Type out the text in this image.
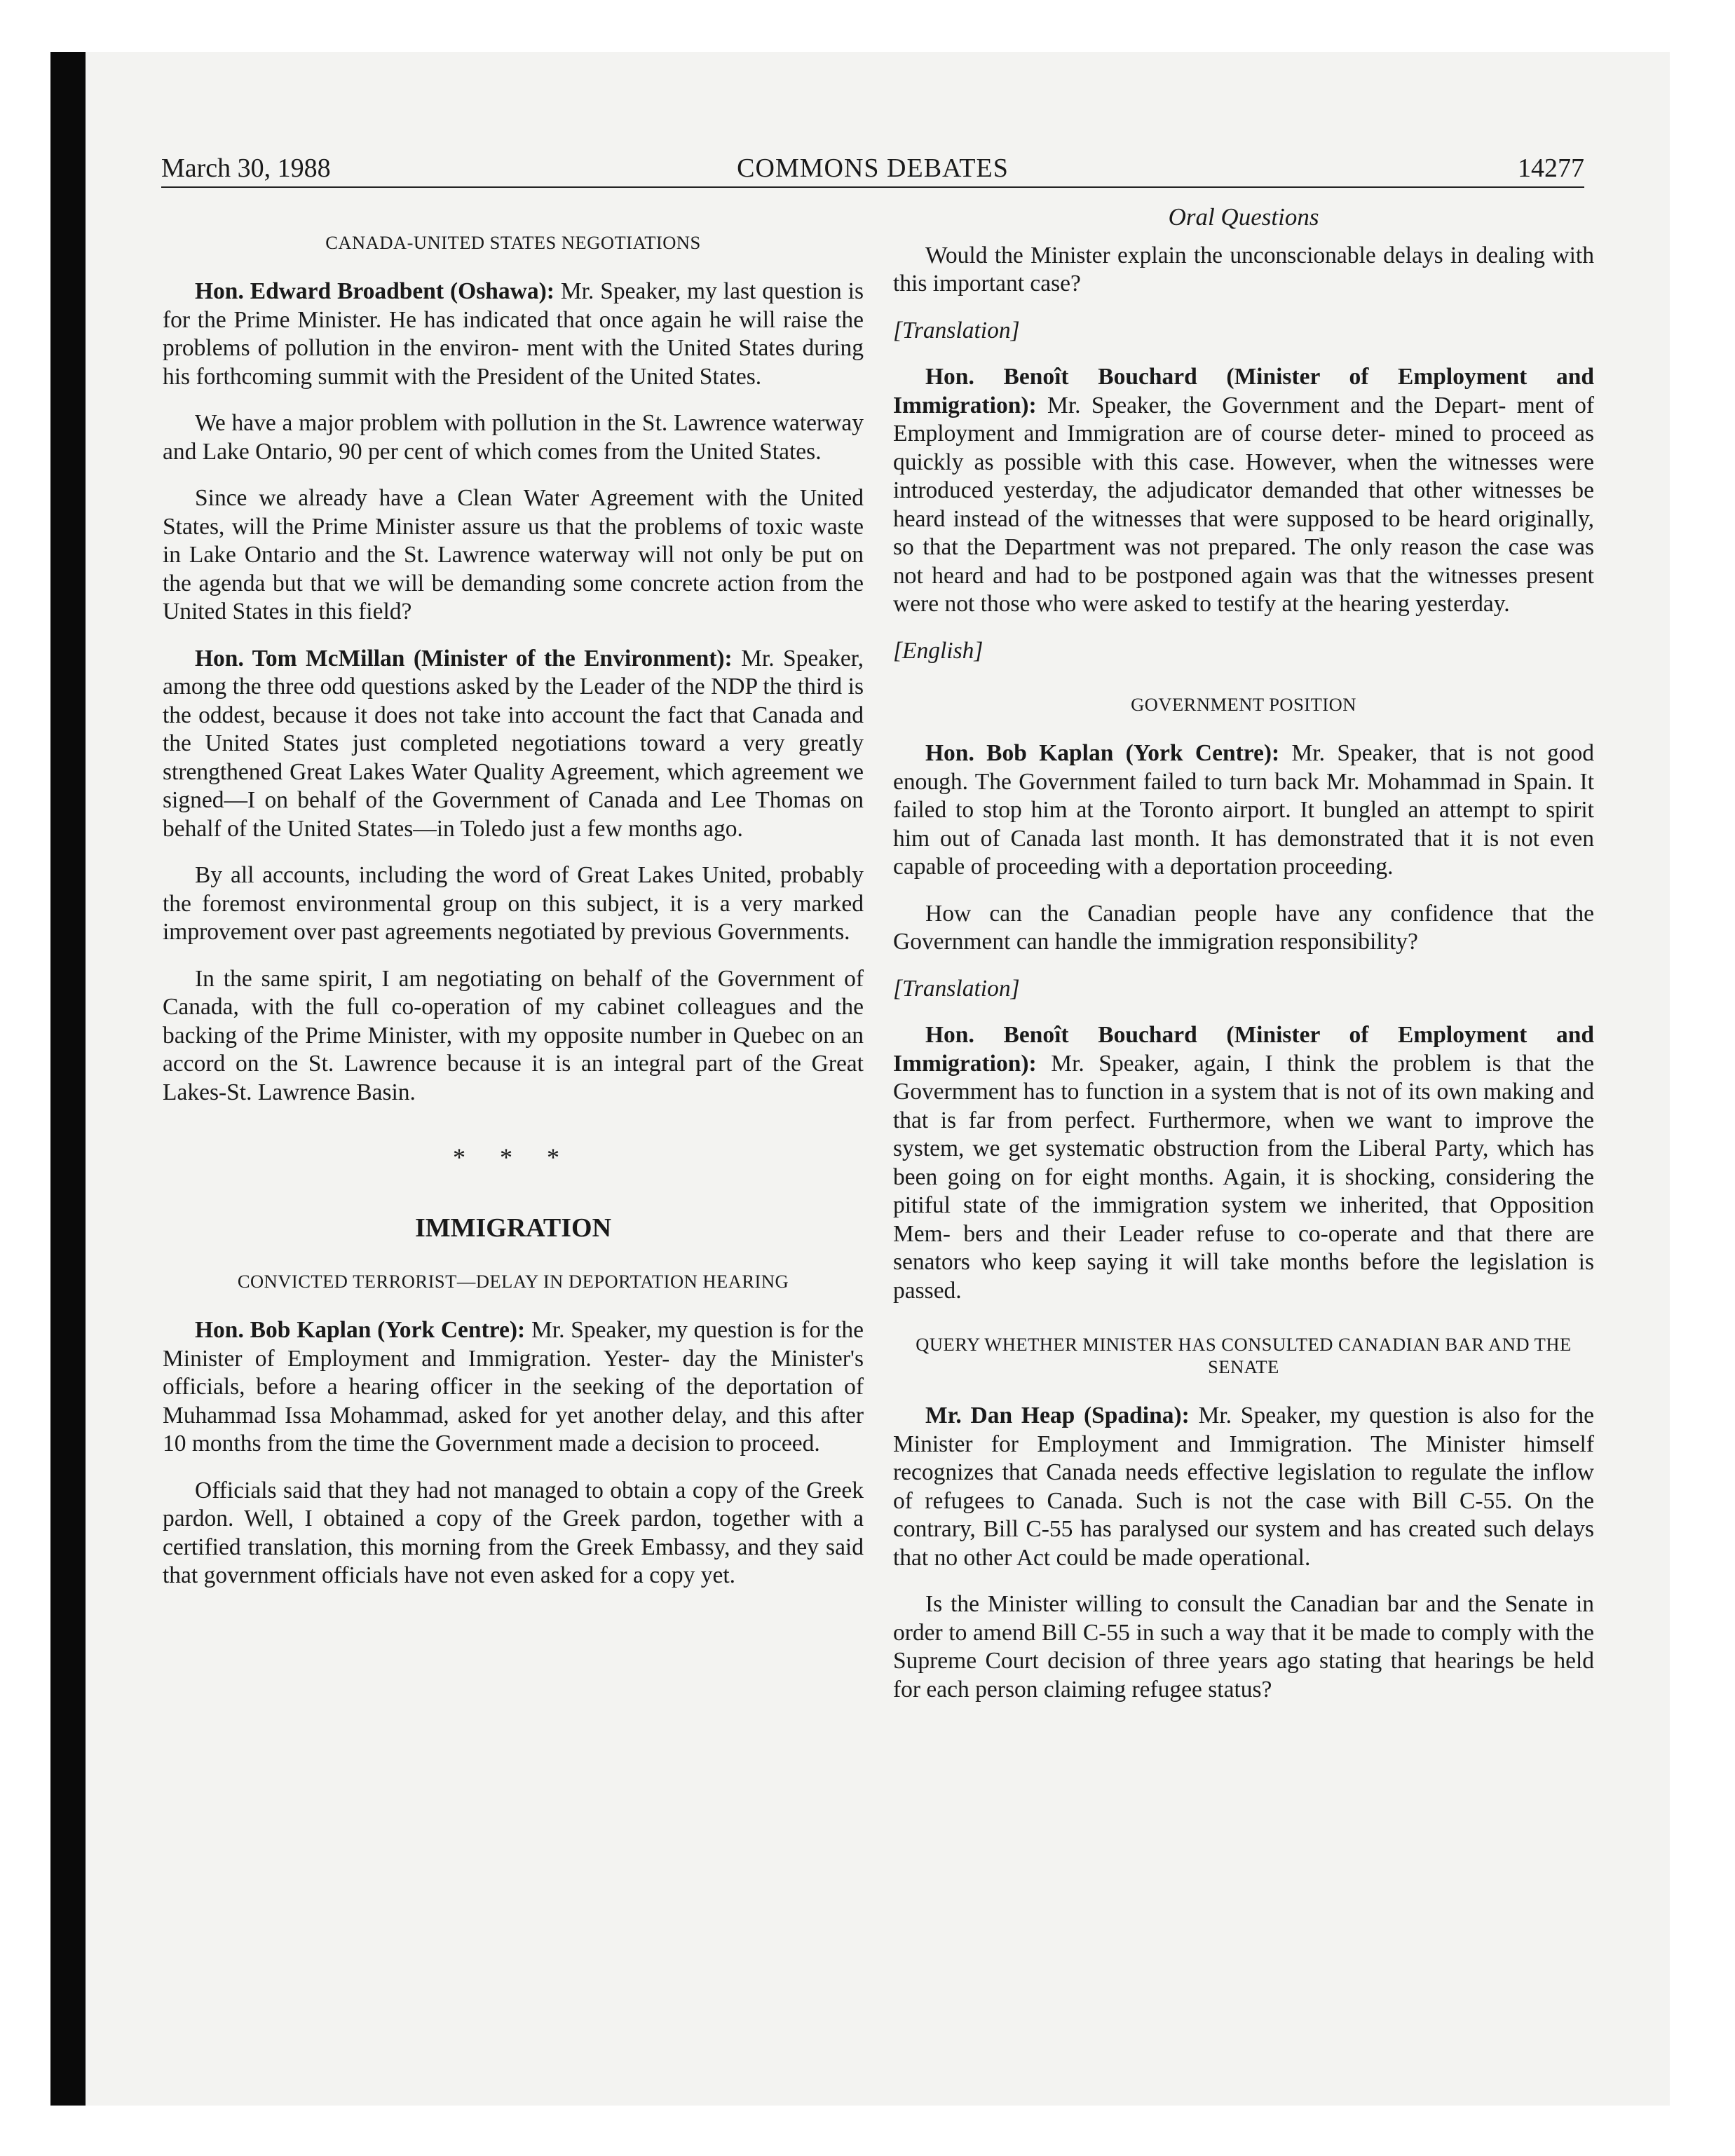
March 30, 1988	COMMONS DEBATES	14277

CANADA-UNITED STATES NEGOTIATIONS

Hon. Edward Broadbent (Oshawa): Mr. Speaker, my last question is for the Prime Minister. He has indicated that once again he will raise the problems of pollution in the environ- ment with the United States during his forthcoming summit with the President of the United States.

We have a major problem with pollution in the St. Lawrence waterway and Lake Ontario, 90 per cent of which comes from the United States.

Since we already have a Clean Water Agreement with the United States, will the Prime Minister assure us that the problems of toxic waste in Lake Ontario and the St. Lawrence waterway will not only be put on the agenda but that we will be demanding some concrete action from the United States in this field?

Hon. Tom McMillan (Minister of the Environment): Mr. Speaker, among the three odd questions asked by the Leader of the NDP the third is the oddest, because it does not take into account the fact that Canada and the United States just completed negotiations toward a very greatly strengthened Great Lakes Water Quality Agreement, which agreement we signed—I on behalf of the Government of Canada and Lee Thomas on behalf of the United States—in Toledo just a few months ago.

By all accounts, including the word of Great Lakes United, probably the foremost environmental group on this subject, it is a very marked improvement over past agreements negotiated by previous Governments.

In the same spirit, I am negotiating on behalf of the Government of Canada, with the full co-operation of my cabinet colleagues and the backing of the Prime Minister, with my opposite number in Quebec on an accord on the St. Lawrence because it is an integral part of the Great Lakes-St. Lawrence Basin.

* * *

IMMIGRATION

CONVICTED TERRORIST—DELAY IN DEPORTATION HEARING

Hon. Bob Kaplan (York Centre): Mr. Speaker, my question is for the Minister of Employment and Immigration. Yester- day the Minister's officials, before a hearing officer in the seeking of the deportation of Muhammad Issa Mohammad, asked for yet another delay, and this after 10 months from the time the Government made a decision to proceed.

Officials said that they had not managed to obtain a copy of the Greek pardon. Well, I obtained a copy of the Greek pardon, together with a certified translation, this morning from the Greek Embassy, and they said that government officials have not even asked for a copy yet.

Oral Questions

Would the Minister explain the unconscionable delays in dealing with this important case?

[Translation]

Hon. Benoît Bouchard (Minister of Employment and Immigration): Mr. Speaker, the Government and the Depart- ment of Employment and Immigration are of course deter- mined to proceed as quickly as possible with this case. However, when the witnesses were introduced yesterday, the adjudicator demanded that other witnesses be heard instead of the witnesses that were supposed to be heard originally, so that the Department was not prepared. The only reason the case was not heard and had to be postponed again was that the witnesses present were not those who were asked to testify at the hearing yesterday.

[English]

GOVERNMENT POSITION

Hon. Bob Kaplan (York Centre): Mr. Speaker, that is not good enough. The Government failed to turn back Mr. Mohammad in Spain. It failed to stop him at the Toronto airport. It bungled an attempt to spirit him out of Canada last month. It has demonstrated that it is not even capable of proceeding with a deportation proceeding.

How can the Canadian people have any confidence that the Government can handle the immigration responsibility?

[Translation]

Hon. Benoît Bouchard (Minister of Employment and Immigration): Mr. Speaker, again, I think the problem is that the Govermment has to function in a system that is not of its own making and that is far from perfect. Furthermore, when we want to improve the system, we get systematic obstruction from the Liberal Party, which has been going on for eight months. Again, it is shocking, considering the pitiful state of the immigration system we inherited, that Opposition Mem- bers and their Leader refuse to co-operate and that there are senators who keep saying it will take months before the legislation is passed.

QUERY WHETHER MINISTER HAS CONSULTED CANADIAN BAR AND THE SENATE

Mr. Dan Heap (Spadina): Mr. Speaker, my question is also for the Minister for Employment and Immigration. The Minister himself recognizes that Canada needs effective legislation to regulate the inflow of refugees to Canada. Such is not the case with Bill C-55. On the contrary, Bill C-55 has paralysed our system and has created such delays that no other Act could be made operational.

Is the Minister willing to consult the Canadian bar and the Senate in order to amend Bill C-55 in such a way that it be made to comply with the Supreme Court decision of three years ago stating that hearings be held for each person claiming refugee status?
